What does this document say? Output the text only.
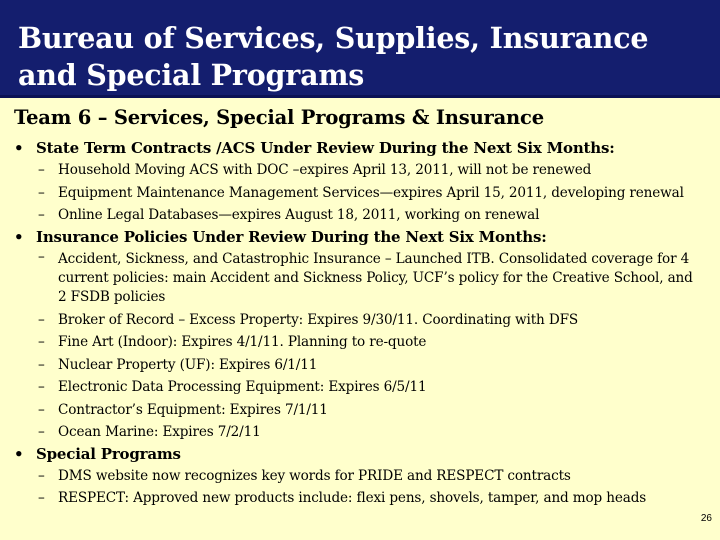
Bureau of Services, Supplies, Insurance and Special Programs
Team 6 – Services, Special Programs & Insurance
• State Term Contracts /ACS Under Review During the Next Six Months:
– Household Moving ACS with DOC –expires April 13, 2011, will not be renewed
– Equipment Maintenance Management Services—expires April 15, 2011, developing renewal
– Online Legal Databases—expires August 18, 2011, working on renewal
• Insurance Policies Under Review During the Next Six Months:
– Accident, Sickness, and Catastrophic Insurance – Launched ITB. Consolidated coverage for 4 current policies: main Accident and Sickness Policy, UCF’s policy for the Creative School, and 2 FSDB policies
– Broker of Record – Excess Property: Expires 9/30/11. Coordinating with DFS
– Fine Art (Indoor): Expires 4/1/11. Planning to re-quote
– Nuclear Property (UF): Expires 6/1/11
– Electronic Data Processing Equipment: Expires 6/5/11
– Contractor’s Equipment: Expires 7/1/11
– Ocean Marine: Expires 7/2/11
• Special Programs
– DMS website now recognizes key words for PRIDE and RESPECT contracts
– RESPECT: Approved new products include: flexi pens, shovels, tamper, and mop heads
26
